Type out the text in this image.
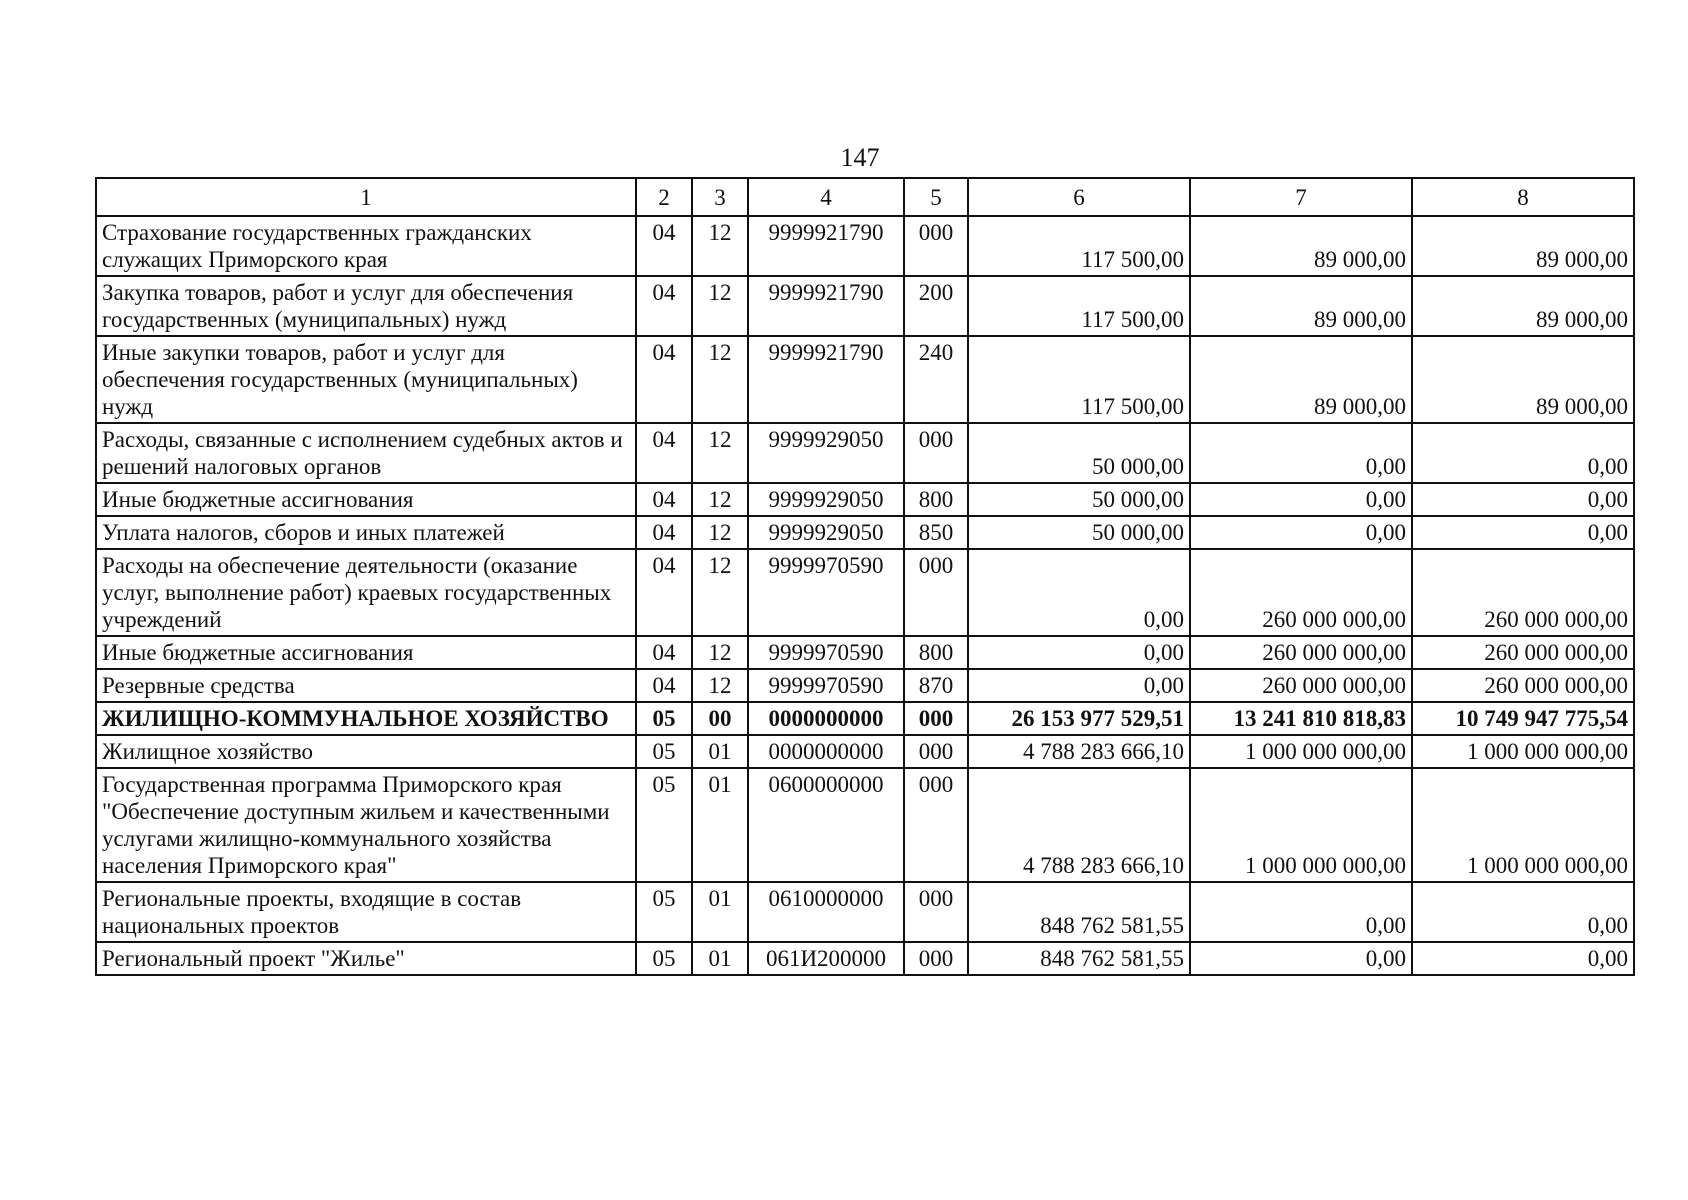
147
1	2	3	4	5	6	7	8
Страхование государственных гражданских служащих Приморского края	04	12	9999921790	000	117 500,00	89 000,00	89 000,00
Закупка товаров, работ и услуг для обеспечения государственных (муниципальных) нужд	04	12	9999921790	200	117 500,00	89 000,00	89 000,00
Иные закупки товаров, работ и услуг для обеспечения государственных (муниципальных) нужд	04	12	9999921790	240	117 500,00	89 000,00	89 000,00
Расходы, связанные с исполнением судебных актов и решений налоговых органов	04	12	9999929050	000	50 000,00	0,00	0,00
Иные бюджетные ассигнования	04	12	9999929050	800	50 000,00	0,00	0,00
Уплата налогов, сборов и иных платежей	04	12	9999929050	850	50 000,00	0,00	0,00
Расходы на обеспечение деятельности (оказание услуг, выполнение работ) краевых государственных учреждений	04	12	9999970590	000	0,00	260 000 000,00	260 000 000,00
Иные бюджетные ассигнования	04	12	9999970590	800	0,00	260 000 000,00	260 000 000,00
Резервные средства	04	12	9999970590	870	0,00	260 000 000,00	260 000 000,00
ЖИЛИЩНО-КОММУНАЛЬНОЕ ХОЗЯЙСТВО	05	00	0000000000	000	26 153 977 529,51	13 241 810 818,83	10 749 947 775,54
Жилищное хозяйство	05	01	0000000000	000	4 788 283 666,10	1 000 000 000,00	1 000 000 000,00
Государственная программа Приморского края "Обеспечение доступным жильем и качественными услугами жилищно-коммунального хозяйства населения Приморского края"	05	01	0600000000	000	4 788 283 666,10	1 000 000 000,00	1 000 000 000,00
Региональные проекты, входящие в состав национальных проектов	05	01	0610000000	000	848 762 581,55	0,00	0,00
Региональный проект "Жилье"	05	01	061И200000	000	848 762 581,55	0,00	0,00
